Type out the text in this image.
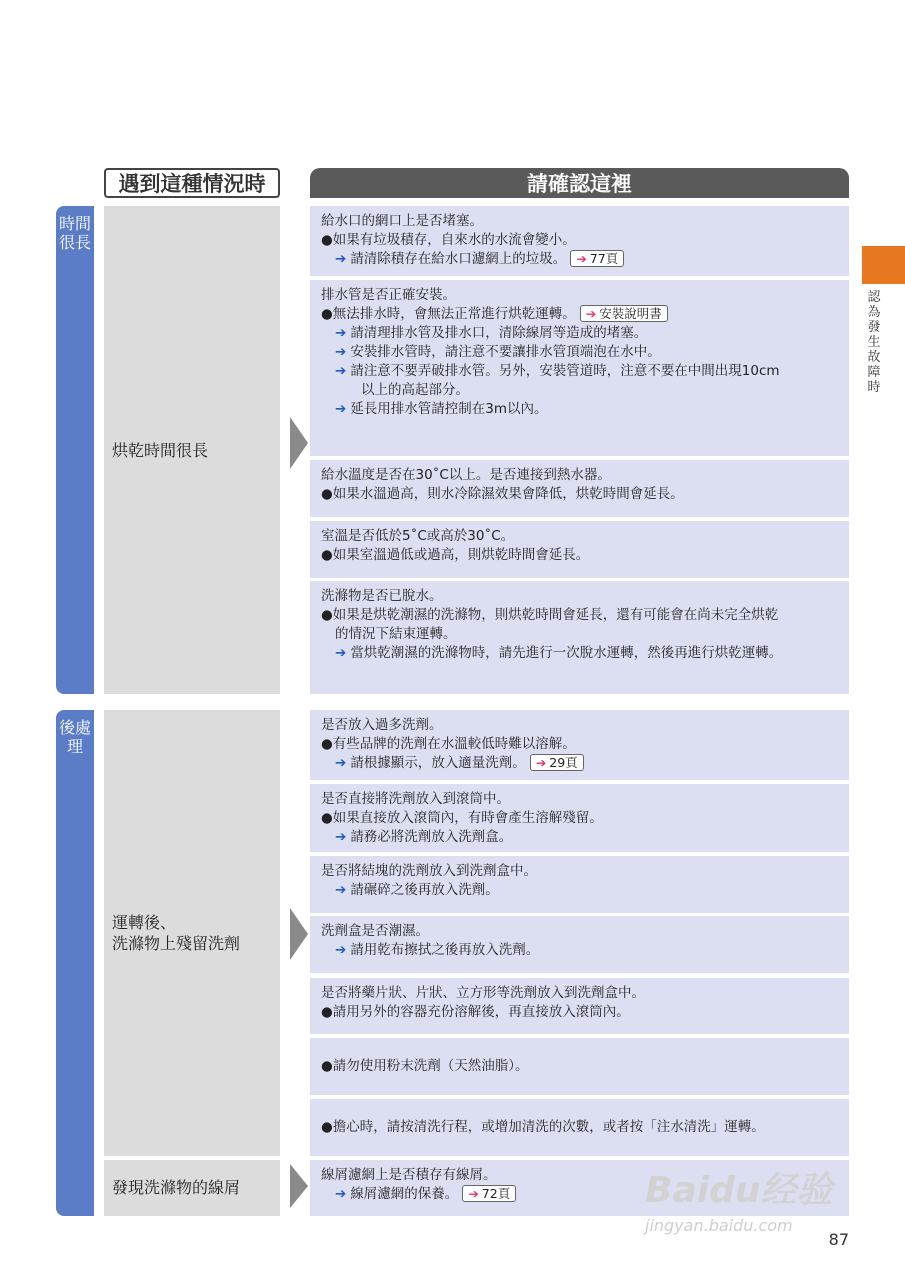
遇到這種情況時	請確認這裡
時間很長
後處理
烘乾時間很長
運轉後、
洗滌物上殘留洗劑
發現洗滌物的線屑
給水口的網口上是否堵塞。
● 如果有垃圾積存，自來水的水流會變小。
➔ 請清除積存在給水口濾網上的垃圾。 ➔ 77頁
排水管是否正確安裝。
● 無法排水時，會無法正常進行烘乾運轉。 ➔ 安裝說明書
➔ 請清理排水管及排水口，清除線屑等造成的堵塞。
➔ 安裝排水管時，請注意不要讓排水管頂端泡在水中。
➔ 請注意不要弄破排水管。另外，安裝管道時，注意不要在中間出現10cm
以上的高起部分。
➔ 延長用排水管請控制在3m以內。
給水溫度是否在30˚C以上。是否連接到熱水器。
● 如果水溫過高，則水冷除濕效果會降低，烘乾時間會延長。
室溫是否低於5˚C或高於30˚C。
● 如果室溫過低或過高，則烘乾時間會延長。
洗滌物是否已脫水。
● 如果是烘乾潮濕的洗滌物，則烘乾時間會延長，還有可能會在尚未完全烘乾
的情況下結束運轉。
➔ 當烘乾潮濕的洗滌物時，請先進行一次脫水運轉，然後再進行烘乾運轉。
是否放入過多洗劑。
● 有些品牌的洗劑在水溫較低時難以溶解。
➔ 請根據顯示，放入適量洗劑。 ➔ 29頁
是否直接將洗劑放入到滾筒中。
● 如果直接放入滾筒內，有時會產生溶解殘留。
➔ 請務必將洗劑放入洗劑盒。
是否將結塊的洗劑放入到洗劑盒中。
➔ 請碾碎之後再放入洗劑。
洗劑盒是否潮濕。
➔ 請用乾布擦拭之後再放入洗劑。
是否將藥片狀、片狀、立方形等洗劑放入到洗劑盒中。
● 請用另外的容器充份溶解後，再直接放入滾筒內。
● 請勿使用粉末洗劑（天然油脂）。
● 擔心時，請按清洗行程，或增加清洗的次數，或者按「注水清洗」運轉。
線屑濾網上是否積存有線屑。
➔ 線屑濾網的保養。 ➔ 72頁
認為發生故障時
87
Baidu经验
jingyan.baidu.com
